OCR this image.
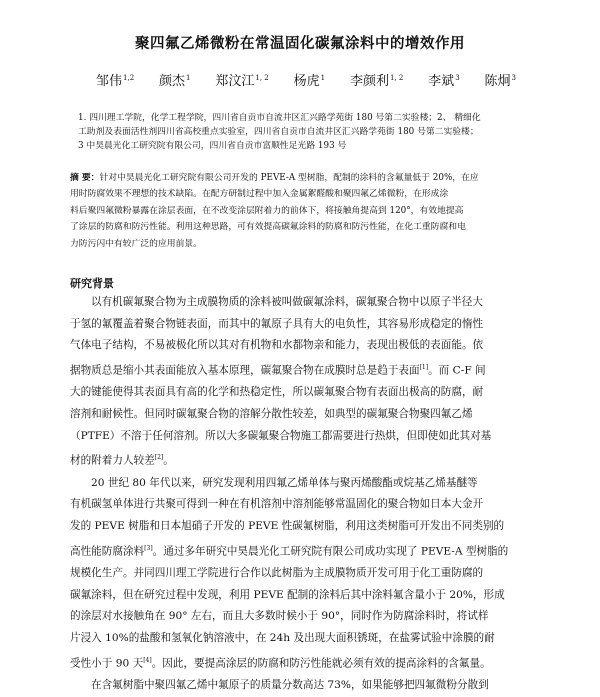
聚四氟乙烯微粉在常温固化碳氟涂料中的增效作用
邹伟$^{1,2}$ 颜杰$^1$ 郑汶江$^{1, 2}$ 杨虎$^1$ 李颜利$^{1, 2}$ 李斌$^3$ 陈炯$^3$
1. 四川理工学院，化学工程学院，四川省自贡市自流井区汇兴路学苑街 180 号第二实验楼；2、 精细化
工助剂及表面活性剂四川省高校重点实验室，四川省自贡市自流井区汇兴路学苑街 180 号第二实验楼；
3 中昊晨光化工研究院有限公司，四川省自贡市富顺性足光路 193 号
摘 要：针对中昊晨光化工研究院有限公司开发的 PEVE-A 型树脂，配制的涂料的含氟量低于 20%，在应
用时防腐效果不理想的技术缺陷。在配方研制过程中加入金属絮醛酸和聚四氟乙烯微粉，在形成涂
料后聚四氟微粉暴露在涂层表面，在不改变涂层附着力的前体下，将接触角提高到 120°，有效地提高
了涂层的防腐和防污性能。利用这种思路，可有效提高碳氟涂料的防腐和防污性能，在化工重防腐和电
力防污闪中有较广泛的应用前景。
研究背景
以有机碳氟聚合物为主成膜物质的涂料被叫做碳氟涂料，碳氟聚合物中以原子半径大
于氢的氟覆盖着聚合物链表面，而其中的氟原子具有大的电负性，其容易形成稳定的惰性
气体电子结构，不易被极化所以其对有机物和水都物亲和能力，表现出极低的表面能。依
据物质总是缩小其表面能放入基本原理，碳氟聚合物在成膜时总是趋于表面[1]。而 C-F 间
大的键能使得其表面具有高的化学和热稳定性，所以碳氟聚合物有表面出极高的防腐，耐
溶剂和耐候性。但同时碳氟聚合物的溶解分散性较差，如典型的碳氟聚合物聚四氟乙烯
（PTFE）不溶于任何溶剂。所以大多碳氟聚合物施工都需要进行热烘，但即使如此其对基
材的附着力人较差[2]。
20 世纪 80 年代以来，研究发现利用四氟乙烯单体与聚丙烯酸酯或烷基乙烯基醚等
有机碳氢单体进行共聚可得到一种在有机溶剂中溶剂能够常温固化的聚合物如日本大金开
发的 PEVE 树脂和日本旭硝子开发的 PEVE 性碳氟树脂，利用这类树脂可开发出不同类别的
高性能防腐涂料[3]。通过多年研究中昊晨光化工研究院有限公司成功实现了 PEVE-A 型树脂的
规模化生产。并同四川理工学院进行合作以此树脂为主成膜物质开发可用于化工重防腐的
碳氟涂料，但在研究过程中发现，利用 PEVE 配制的涂料后其中涂料氟含量小于 20%，形成
的涂层对水接触角在 90° 左右，而且大多数时候小于 90°，同时作为防腐涂料时，将试样
片浸入 10%的盐酸和氢氧化钠溶液中，在 24h 及出现大面积锈斑，在盐雾试验中涂膜的耐
受性小于 90 天[4]。因此，要提高涂层的防腐和防污性能就必须有效的提高涂料的含氟量。
在含氟树脂中聚四氟乙烯中氟原子的质量分数高达 73%，如果能够把四氟微粉分散到
